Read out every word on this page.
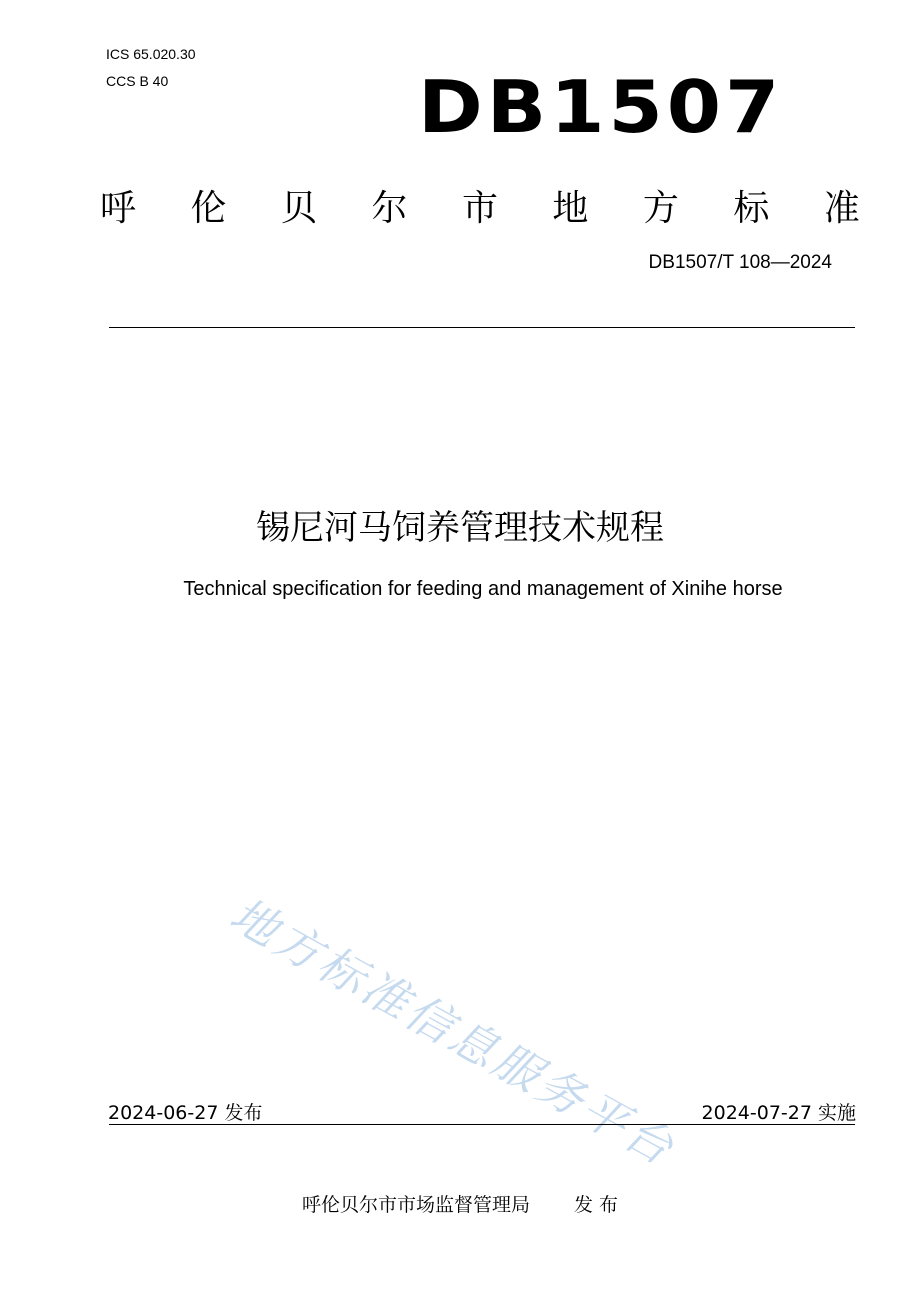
ICS 65.020.30
CCS B 40	DB1507
呼 伦 贝 尔 市 地 方 标 准
DB1507/T 108—2024
锡尼河马饲养管理技术规程
Technical specification for feeding and management of Xinihe horse
地方标准信息服务平台
2024-06-27 发布	2024-07-27 实施
呼伦贝尔市市场监督管理局 发 布
